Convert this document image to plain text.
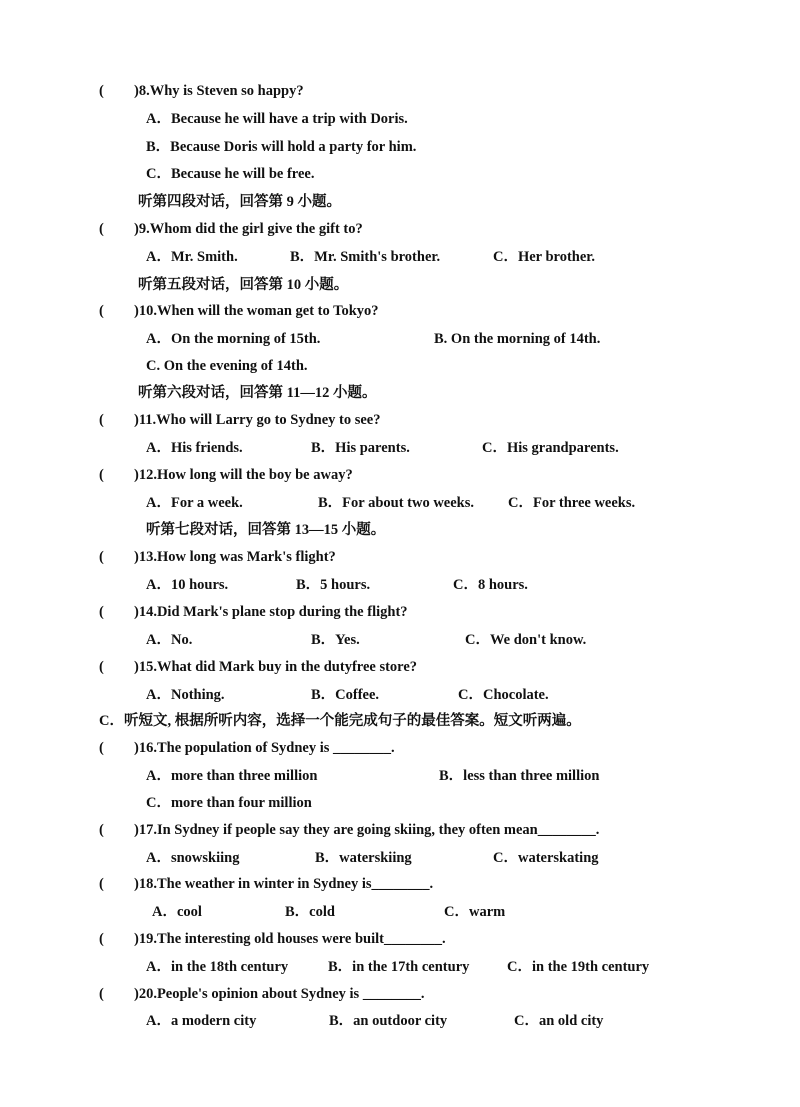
( )8.Why is Steven so happy?
A．Because he will have a trip with Doris.
B．Because Doris will hold a party for him.
C．Because he will be free.
听第四段对话，回答第 9 小题。
( )9.Whom did the girl give the gift to?
A．Mr. Smith.	B．Mr. Smith's brother.	C．Her brother.
听第五段对话，回答第 10 小题。
( )10.When will the woman get to Tokyo?
A．On the morning of 15th.	B. On the morning of 14th.
C. On the evening of 14th.
听第六段对话，回答第 11—12 小题。
( )11.Who will Larry go to Sydney to see?
A．His friends.	B．His parents.	C．His grandparents.
( )12.How long will the boy be away?
A．For a week.	B．For about two weeks. C．For three weeks.
听第七段对话，回答第 13—15 小题。
( )13.How long was Mark's flight?
A．10 hours.	B．5 hours.	C．8 hours.
( )14.Did Mark's plane stop during the flight?
A．No.	B．Yes.	C．We don't know.
( )15.What did Mark buy in the dutyfree store?
A．Nothing.	B．Coffee.	C．Chocolate.
C．听短文, 根据所听内容，选择一个能完成句子的最佳答案。短文听两遍。
( )16.The population of Sydney is ________.
A．more than three million	B．less than three million
C．more than four million
( )17.In Sydney if people say they are going skiing, they often mean________.
A．snowskiing	B．waterskiing	C．waterskating
( )18.The weather in winter in Sydney is________.
A．cool	B．cold	C．warm
( )19.The interesting old houses were built________.
A．in the 18th century	B．in the 17th century	C．in the 19th century
( )20.People's opinion about Sydney is ________.
A．a modern city	B．an outdoor city	C．an old city
